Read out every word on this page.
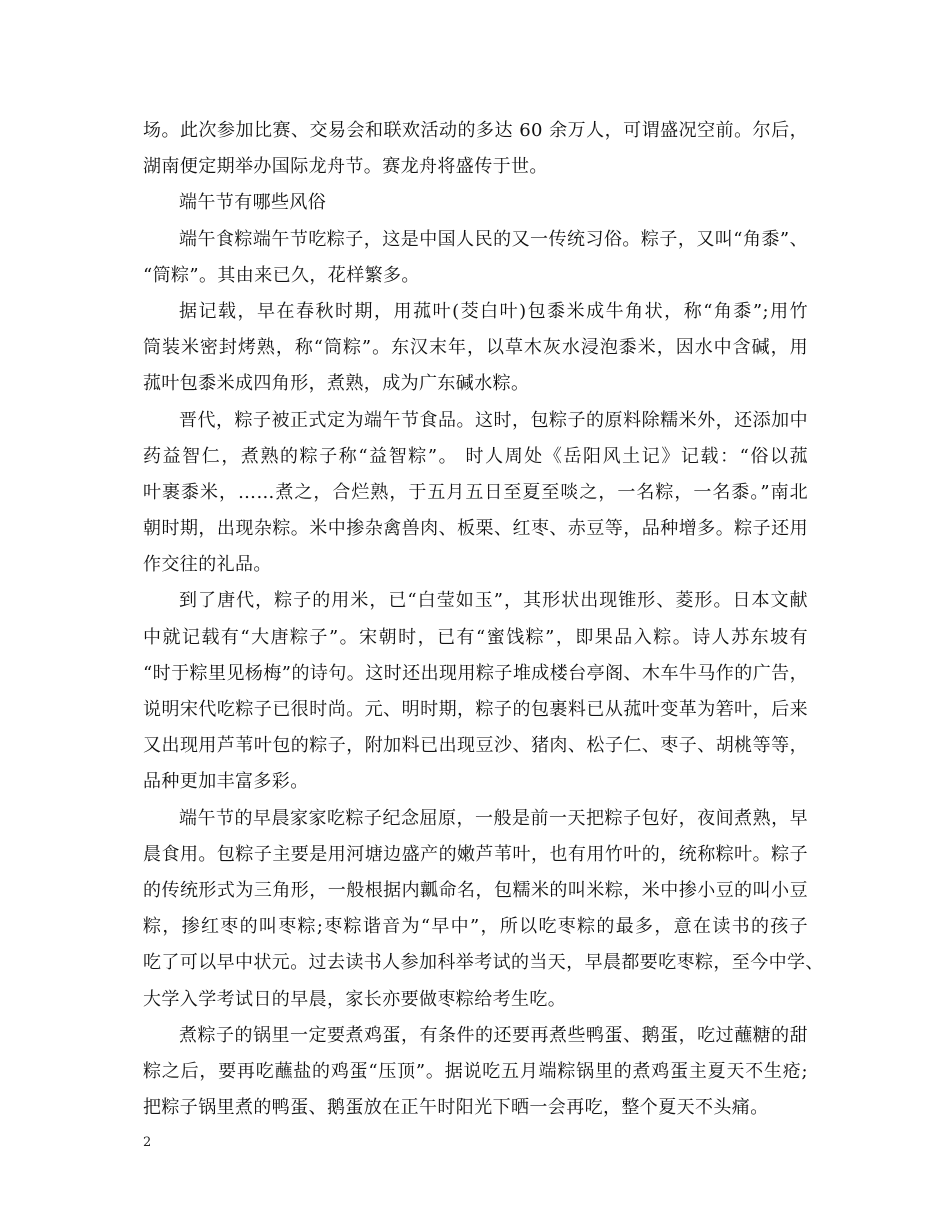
场。此次参加比赛、交易会和联欢活动的多达 60 余万人，可谓盛况空前。尔后，
湖南便定期举办国际龙舟节。赛龙舟将盛传于世。
端午节有哪些风俗
端午食粽端午节吃粽子，这是中国人民的又一传统习俗。粽子，又叫“角黍”、
“筒粽”。其由来已久，花样繁多。
据记载，早在春秋时期，用菰叶(茭白叶)包黍米成牛角状，称“角黍”;用竹
筒装米密封烤熟，称“筒粽”。东汉末年，以草木灰水浸泡黍米，因水中含碱，用
菰叶包黍米成四角形，煮熟，成为广东碱水粽。
晋代，粽子被正式定为端午节食品。这时，包粽子的原料除糯米外，还添加中
药益智仁，煮熟的粽子称“益智粽”。 时人周处《岳阳风土记》记载：“俗以菰
叶裹黍米，……煮之，合烂熟，于五月五日至夏至啖之，一名粽，一名黍。”南北
朝时期，出现杂粽。米中掺杂禽兽肉、板栗、红枣、赤豆等，品种增多。粽子还用
作交往的礼品。
到了唐代，粽子的用米，已“白莹如玉”，其形状出现锥形、菱形。日本文献
中就记载有“大唐粽子”。宋朝时，已有“蜜饯粽”，即果品入粽。诗人苏东坡有
“时于粽里见杨梅”的诗句。这时还出现用粽子堆成楼台亭阁、木车牛马作的广告，
说明宋代吃粽子已很时尚。元、明时期，粽子的包裹料已从菰叶变革为箬叶，后来
又出现用芦苇叶包的粽子，附加料已出现豆沙、猪肉、松子仁、枣子、胡桃等等，
品种更加丰富多彩。
端午节的早晨家家吃粽子纪念屈原，一般是前一天把粽子包好，夜间煮熟，早
晨食用。包粽子主要是用河塘边盛产的嫩芦苇叶，也有用竹叶的，统称粽叶。粽子
的传统形式为三角形，一般根据内瓤命名，包糯米的叫米粽，米中掺小豆的叫小豆
粽，掺红枣的叫枣粽;枣粽谐音为“早中”，所以吃枣粽的最多，意在读书的孩子
吃了可以早中状元。过去读书人参加科举考试的当天，早晨都要吃枣粽，至今中学、
大学入学考试日的早晨，家长亦要做枣粽给考生吃。
煮粽子的锅里一定要煮鸡蛋，有条件的还要再煮些鸭蛋、鹅蛋，吃过蘸糖的甜
粽之后，要再吃蘸盐的鸡蛋“压顶”。据说吃五月端粽锅里的煮鸡蛋主夏天不生疮;
把粽子锅里煮的鸭蛋、鹅蛋放在正午时阳光下晒一会再吃，整个夏天不头痛。
2
